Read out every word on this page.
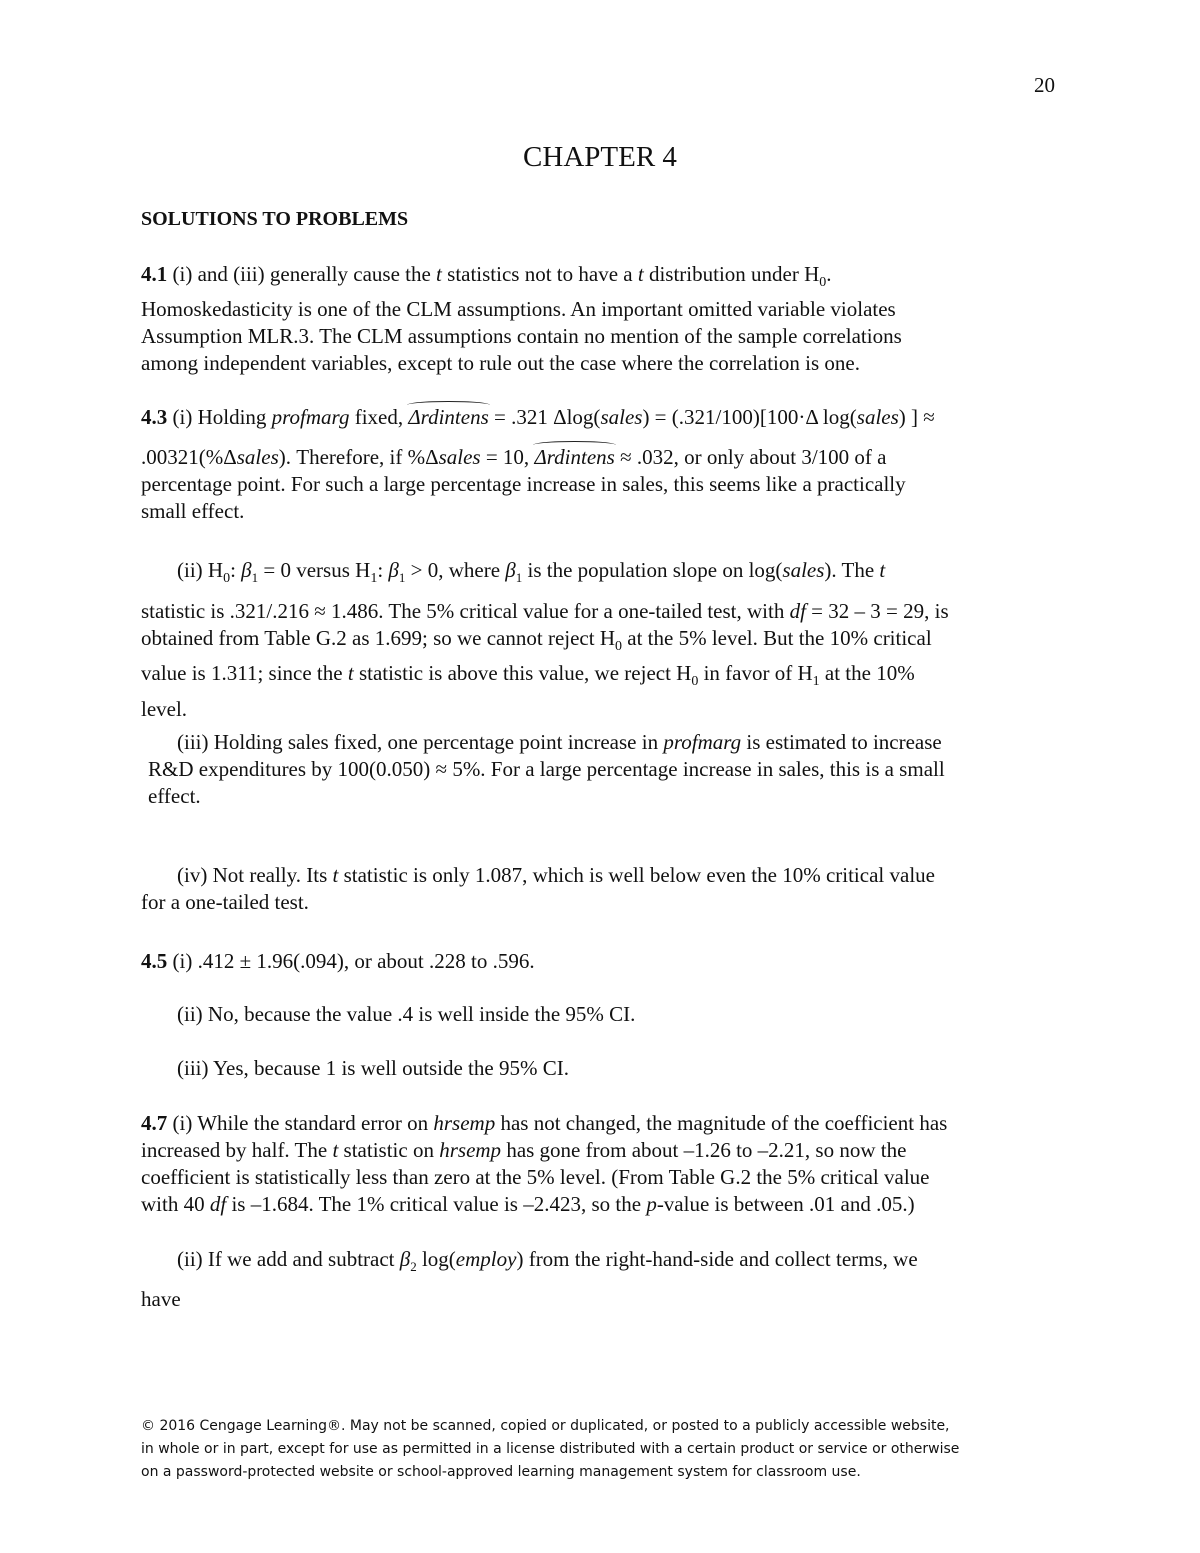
20
CHAPTER 4
SOLUTIONS TO PROBLEMS
4.1 (i) and (iii) generally cause the t statistics not to have a t distribution under $H_0$.
Homoskedasticity is one of the CLM assumptions. An important omitted variable violates
Assumption MLR.3. The CLM assumptions contain no mention of the sample correlations
among independent variables, except to rule out the case where the correlation is one.
4.3 (i) Holding profmarg fixed, Δrdintens = .321 Δlog(sales) = (.321/100)[100·Δ log(sales) ] ≈
.00321(%Δsales). Therefore, if %Δsales = 10, Δrdintens ≈ .032, or only about 3/100 of a
percentage point. For such a large percentage increase in sales, this seems like a practically
small effect.
(ii) $H_0$: $\beta_1 = 0$ versus $H_1$: $\beta_1 > 0$, where $\beta_1$ is the population slope on log(sales). The t
statistic is .321/.216 ≈ 1.486. The 5% critical value for a one-tailed test, with df = 32 – 3 = 29, is
obtained from Table G.2 as 1.699; so we cannot reject $H_0$ at the 5% level. But the 10% critical
value is 1.311; since the t statistic is above this value, we reject $H_0$ in favor of $H_1$ at the 10%
level.
(iii) Holding sales fixed, one percentage point increase in profmarg is estimated to increase
R&D expenditures by 100(0.050) ≈ 5%. For a large percentage increase in sales, this is a small
effect.
(iv) Not really. Its t statistic is only 1.087, which is well below even the 10% critical value
for a one-tailed test.
4.5 (i) .412 ± 1.96(.094), or about .228 to .596.
(ii) No, because the value .4 is well inside the 95% CI.
(iii) Yes, because 1 is well outside the 95% CI.
4.7 (i) While the standard error on hrsemp has not changed, the magnitude of the coefficient has
increased by half. The t statistic on hrsemp has gone from about –1.26 to –2.21, so now the
coefficient is statistically less than zero at the 5% level. (From Table G.2 the 5% critical value
with 40 df is –1.684. The 1% critical value is –2.423, so the p-value is between .01 and .05.)
(ii) If we add and subtract $\beta_2$ log(employ) from the right-hand-side and collect terms, we
have
© 2016 Cengage Learning®. May not be scanned, copied or duplicated, or posted to a publicly accessible website,
in whole or in part, except for use as permitted in a license distributed with a certain product or service or otherwise
on a password-protected website or school-approved learning management system for classroom use.
